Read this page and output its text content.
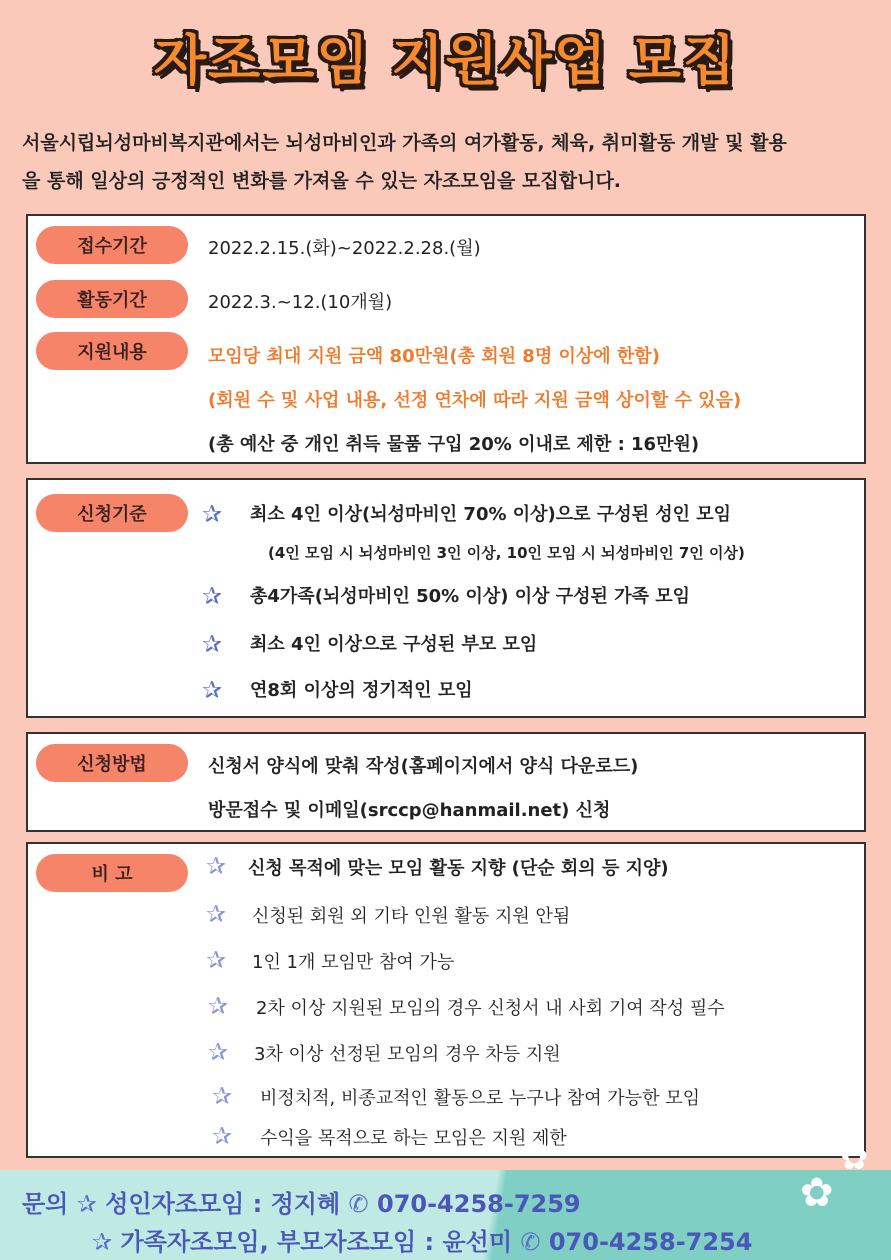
자조모임 지원사업 모집
서울시립뇌성마비복지관에서는 뇌성마비인과 가족의 여가활동, 체육, 취미활동 개발 및 활용
을 통해 일상의 긍정적인 변화를 가져올 수 있는 자조모임을 모집합니다.
접수기간	2022.2.15.(화)~2022.2.28.(월)
활동기간	2022.3.~12.(10개월)
지원내용	모임당 최대 지원 금액 80만원(총 회원 8명 이상에 한함)
(회원 수 및 사업 내용, 선정 연차에 따라 지원 금액 상이할 수 있음)
(총 예산 중 개인 취득 물품 구입 20% 이내로 제한 : 16만원)
신청기준	✰ 최소 4인 이상(뇌성마비인 70% 이상)으로 구성된 성인 모임
(4인 모임 시 뇌성마비인 3인 이상, 10인 모임 시 뇌성마비인 7인 이상)
✰ 총4가족(뇌성마비인 50% 이상) 이상 구성된 가족 모임
✰ 최소 4인 이상으로 구성된 부모 모임
✰ 연8회 이상의 정기적인 모임
신청방법	신청서 양식에 맞춰 작성(홈페이지에서 양식 다운로드)
방문접수 및 이메일(srccp@hanmail.net) 신청
비 고	✰ 신청 목적에 맞는 모임 활동 지향 (단순 회의 등 지양)
✰ 신청된 회원 외 기타 인원 활동 지원 안됨
✰ 1인 1개 모임만 참여 가능
✰ 2차 이상 지원된 모임의 경우 신청서 내 사회 기여 작성 필수
✰ 3차 이상 선정된 모임의 경우 차등 지원
✰ 비정치적, 비종교적인 활동으로 누구나 참여 가능한 모임
✰ 수익을 목적으로 하는 모임은 지원 제한
문의 ✰ 성인자조모임 : 정지혜 ✆ 070-4258-7259
✰ 가족자조모임, 부모자조모임 : 윤선미 ✆ 070-4258-7254
✿
✿
